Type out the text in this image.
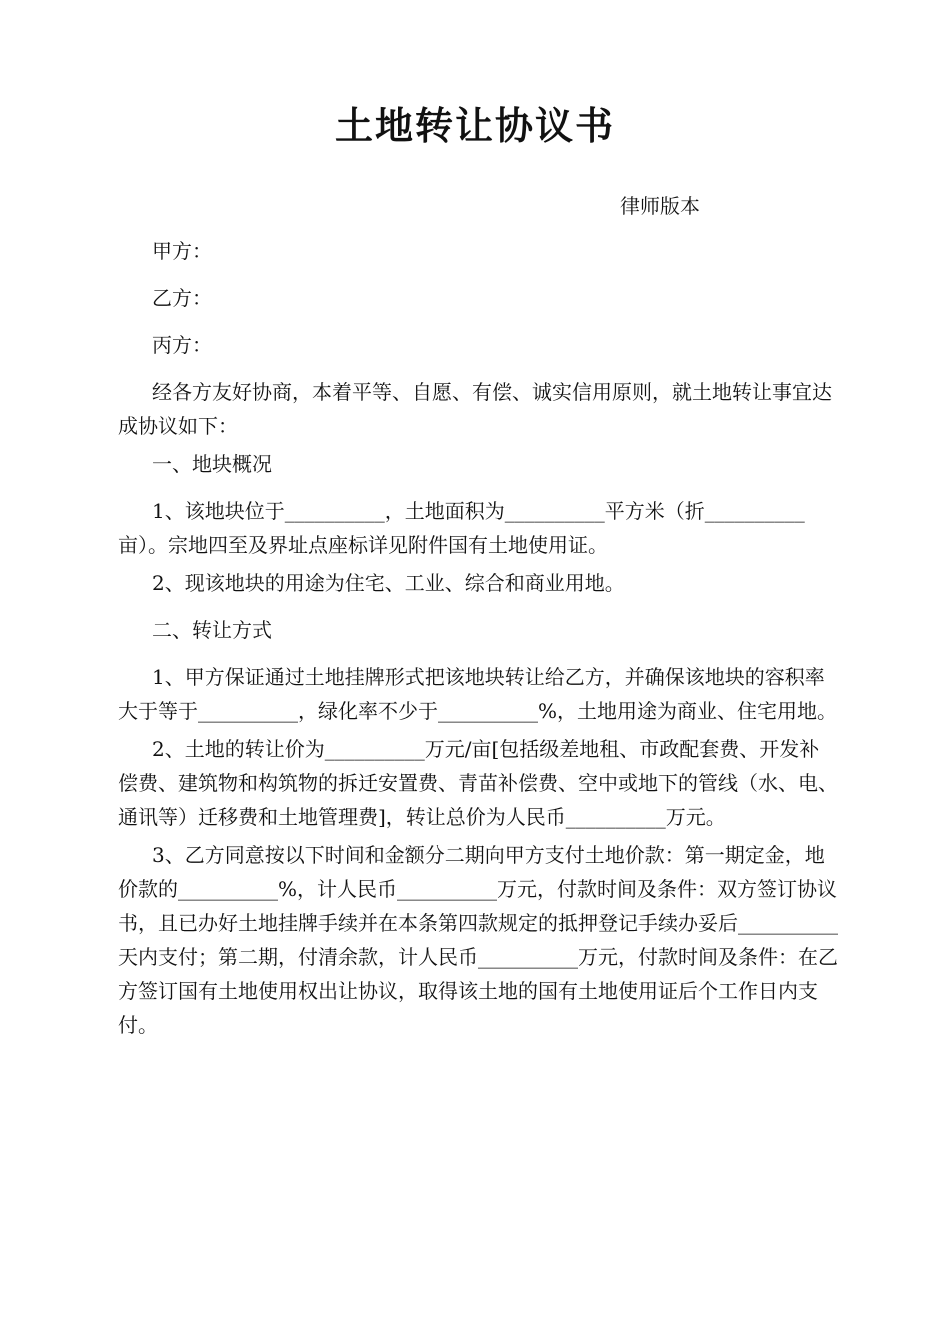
土地转让协议书
律师版本

甲方：

乙方：

丙方：

经各方友好协商，本着平等、自愿、有偿、诚实信用原则，就土地转让事宜达成协议如下：

一、地块概况

1、该地块位于__________，土地面积为__________平方米（折__________亩）。宗地四至及界址点座标详见附件国有土地使用证。

2、现该地块的用途为住宅、工业、综合和商业用地。

二、转让方式

1、甲方保证通过土地挂牌形式把该地块转让给乙方，并确保该地块的容积率大于等于__________，绿化率不少于__________%，土地用途为商业、住宅用地。

2、土地的转让价为__________万元/亩[包括级差地租、市政配套费、开发补偿费、建筑物和构筑物的拆迁安置费、青苗补偿费、空中或地下的管线（水、电、通讯等）迁移费和土地管理费]，转让总价为人民币__________万元。

3、乙方同意按以下时间和金额分二期向甲方支付土地价款：第一期定金，地价款的__________%，计人民币__________万元，付款时间及条件：双方签订协议书，且已办好土地挂牌手续并在本条第四款规定的抵押登记手续办妥后__________天内支付；第二期，付清余款，计人民币__________万元，付款时间及条件：在乙方签订国有土地使用权出让协议，取得该土地的国有土地使用证后个工作日内支付。
